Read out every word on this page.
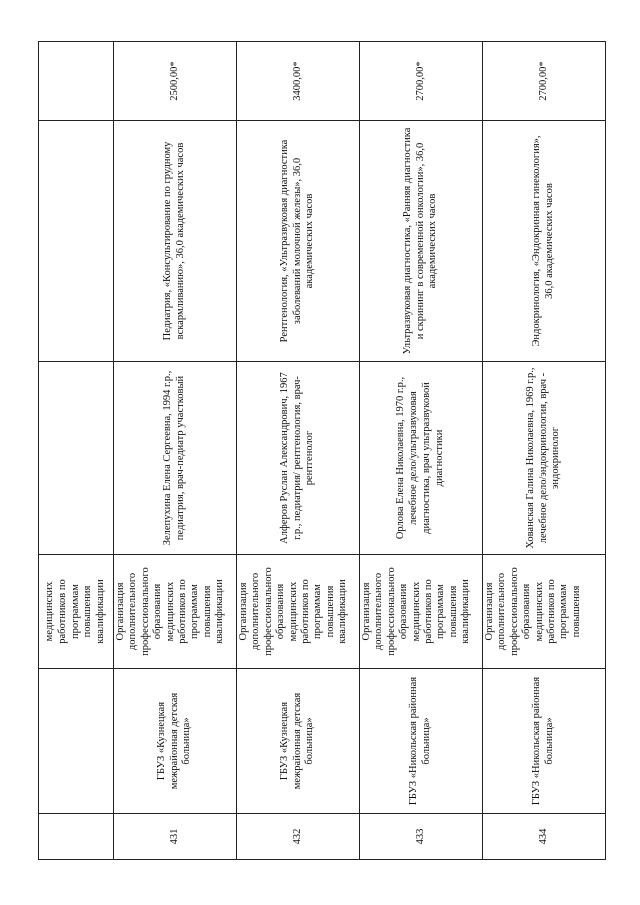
		медицинских работников по программам повышения квалификации			

431	ГБУЗ «Кузнецкая межрайонная детская больница»	Организация дополнительного профессионального образования медицинских работников по программам повышения квалификации	Зелепухина Елена Сергеевна, 1994 г.р., педиатрия, врач-педиатр участковый	Педиатрия, «Консультирование по грудному вскармливанию», 36,0 академических часов	2500,00*
432	ГБУЗ «Кузнецкая межрайонная детская больница»	Организация дополнительного профессионального образования медицинских работников по программам повышения квалификации	Алферов Руслан Александрович, 1967 г.р., педиатрия/ рентгенология, врач-рентгенолог	Рентгенология, «Ультразвуковая диагностика заболеваний молочной железы», 36,0 академических часов	3400,00*
433	ГБУЗ «Никольская районная больница»	Организация дополнительного профессионального образования медицинских работников по программам повышения квалификации	Орлова Елена Николаевна, 1970 г.р., лечебное дело/ультразвуковая диагностика, врач ультразвуковой диагностики	Ультразвуковая диагностика, «Ранняя диагностика и скрининг в современной онкологии», 36,0 академических часов	2700,00*
434	ГБУЗ «Никольская районная больница»	Организация дополнительного профессионального образования медицинских работников по программам повышения	Хованская Галина Николаевна, 1969 г.р., лечебное дело/эндокринология, врач - эндокринолог	Эндокринология, «Эндокринная гинекология», 36,0 академических часов	2700,00*
